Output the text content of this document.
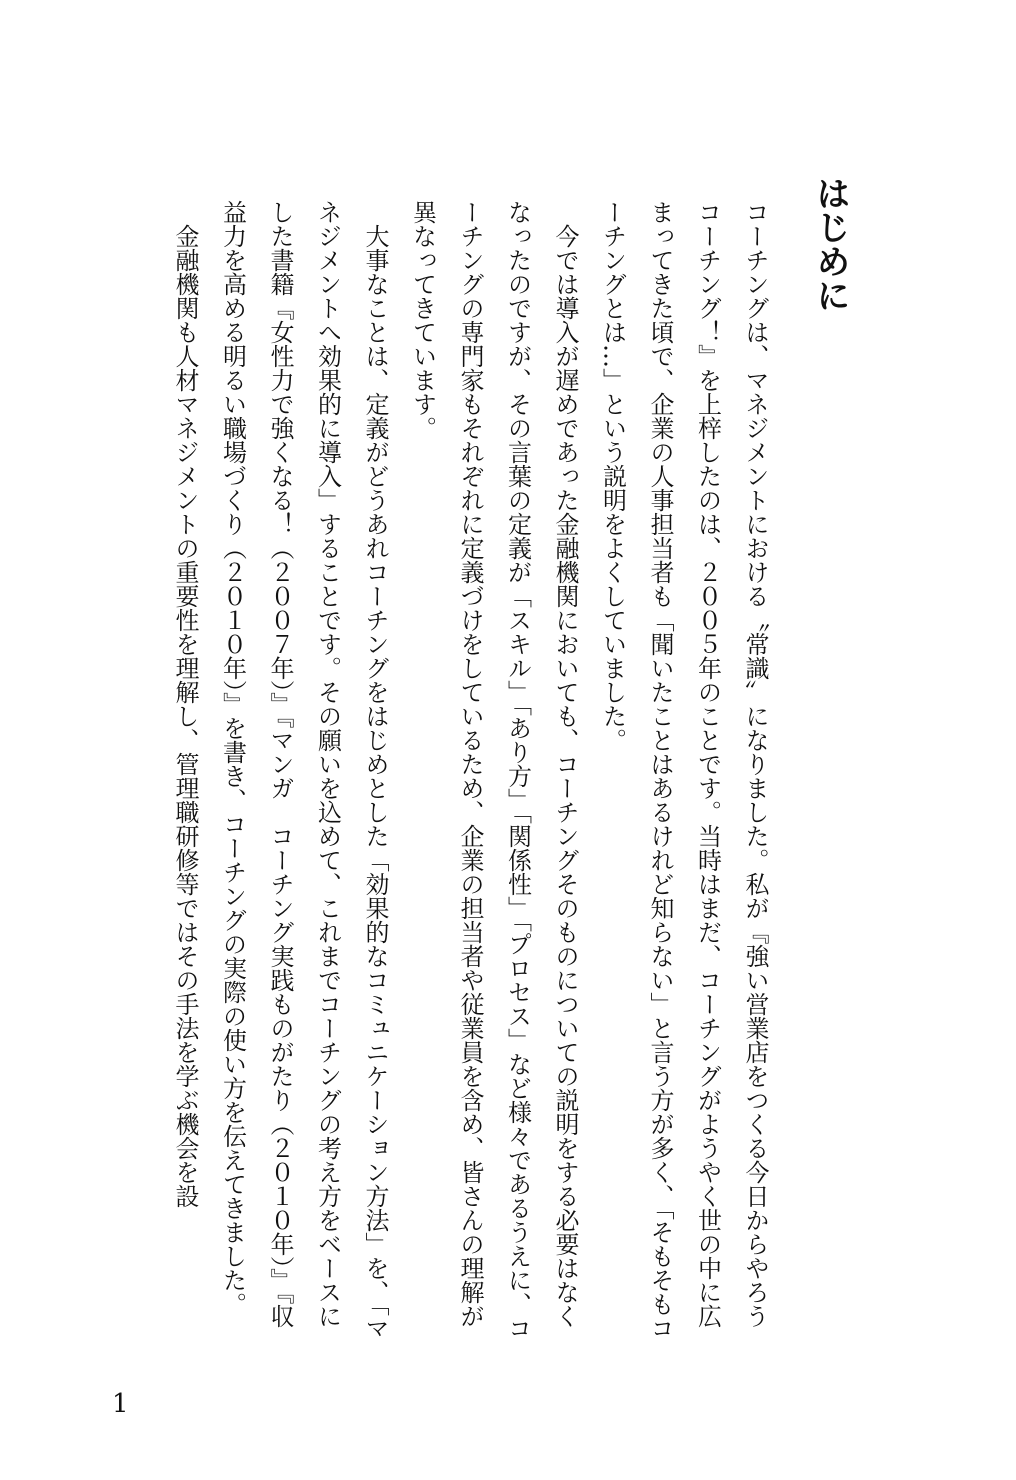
はじめに

コーチングは、マネジメントにおける〝常識〟になりました。私が『強い営業店をつくる今日からやろうコーチング！』を上梓したのは、２００５年のことです。当時はまだ、コーチングがようやく世の中に広まってきた頃で、企業の人事担当者も「聞いたことはあるけれど知らない」と言う方が多く、「そもそもコーチングとは…」という説明をよくしていました。

今では導入が遅めであった金融機関においても、コーチングそのものについての説明をする必要はなくなったのですが、その言葉の定義が「スキル」「あり方」「関係性」「プロセス」など様々であるうえに、コーチングの専門家もそれぞれに定義づけをしているため、企業の担当者や従業員を含め、皆さんの理解が異なってきています。

大事なことは、定義がどうあれコーチングをはじめとした「効果的なコミュニケーション方法」を、「マネジメントへ効果的に導入」することです。その願いを込めて、これまでコーチングの考え方をベースにした書籍『女性力で強くなる！（２００７年）』『マンガ　コーチング実践ものがたり（２０１０年）』『収益力を高める明るい職場づくり（２０１０年）』を書き、コーチングの実際の使い方を伝えてきました。

金融機関も人材マネジメントの重要性を理解し、管理職研修等ではその手法を学ぶ機会を設

1
